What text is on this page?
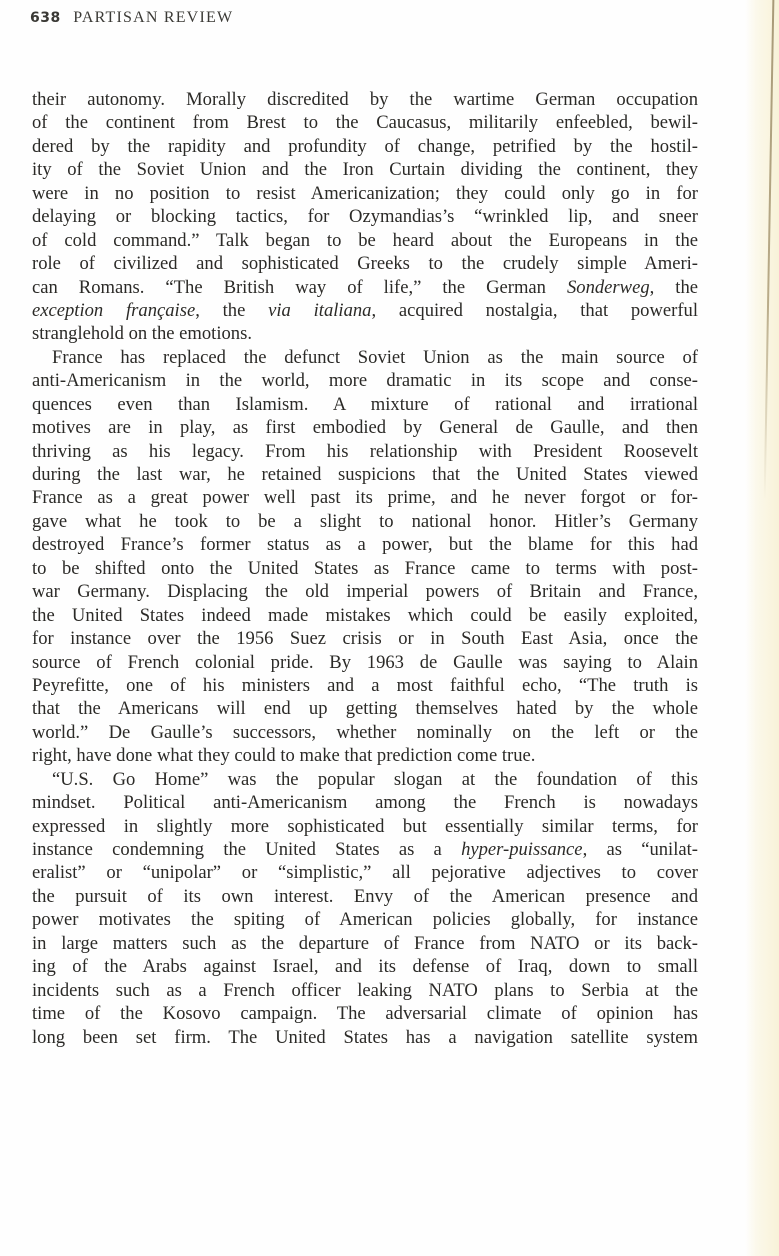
638 PARTISAN REVIEW
their autonomy. Morally discredited by the wartime German occupation
of the continent from Brest to the Caucasus, militarily enfeebled, bewil-
dered by the rapidity and profundity of change, petrified by the hostil-
ity of the Soviet Union and the Iron Curtain dividing the continent, they
were in no position to resist Americanization; they could only go in for
delaying or blocking tactics, for Ozymandias’s “wrinkled lip, and sneer
of cold command.” Talk began to be heard about the Europeans in the
role of civilized and sophisticated Greeks to the crudely simple Ameri-
can Romans. “The British way of life,” the German Sonderweg, the
exception française, the via italiana, acquired nostalgia, that powerful
stranglehold on the emotions.
France has replaced the defunct Soviet Union as the main source of
anti-Americanism in the world, more dramatic in its scope and conse-
quences even than Islamism. A mixture of rational and irrational
motives are in play, as first embodied by General de Gaulle, and then
thriving as his legacy. From his relationship with President Roosevelt
during the last war, he retained suspicions that the United States viewed
France as a great power well past its prime, and he never forgot or for-
gave what he took to be a slight to national honor. Hitler’s Germany
destroyed France’s former status as a power, but the blame for this had
to be shifted onto the United States as France came to terms with post-
war Germany. Displacing the old imperial powers of Britain and France,
the United States indeed made mistakes which could be easily exploited,
for instance over the 1956 Suez crisis or in South East Asia, once the
source of French colonial pride. By 1963 de Gaulle was saying to Alain
Peyrefitte, one of his ministers and a most faithful echo, “The truth is
that the Americans will end up getting themselves hated by the whole
world.” De Gaulle’s successors, whether nominally on the left or the
right, have done what they could to make that prediction come true.
“U.S. Go Home” was the popular slogan at the foundation of this
mindset. Political anti-Americanism among the French is nowadays
expressed in slightly more sophisticated but essentially similar terms, for
instance condemning the United States as a hyper-puissance, as “unilat-
eralist” or “unipolar” or “simplistic,” all pejorative adjectives to cover
the pursuit of its own interest. Envy of the American presence and
power motivates the spiting of American policies globally, for instance
in large matters such as the departure of France from NATO or its back-
ing of the Arabs against Israel, and its defense of Iraq, down to small
incidents such as a French officer leaking NATO plans to Serbia at the
time of the Kosovo campaign. The adversarial climate of opinion has
long been set firm. The United States has a navigation satellite system
